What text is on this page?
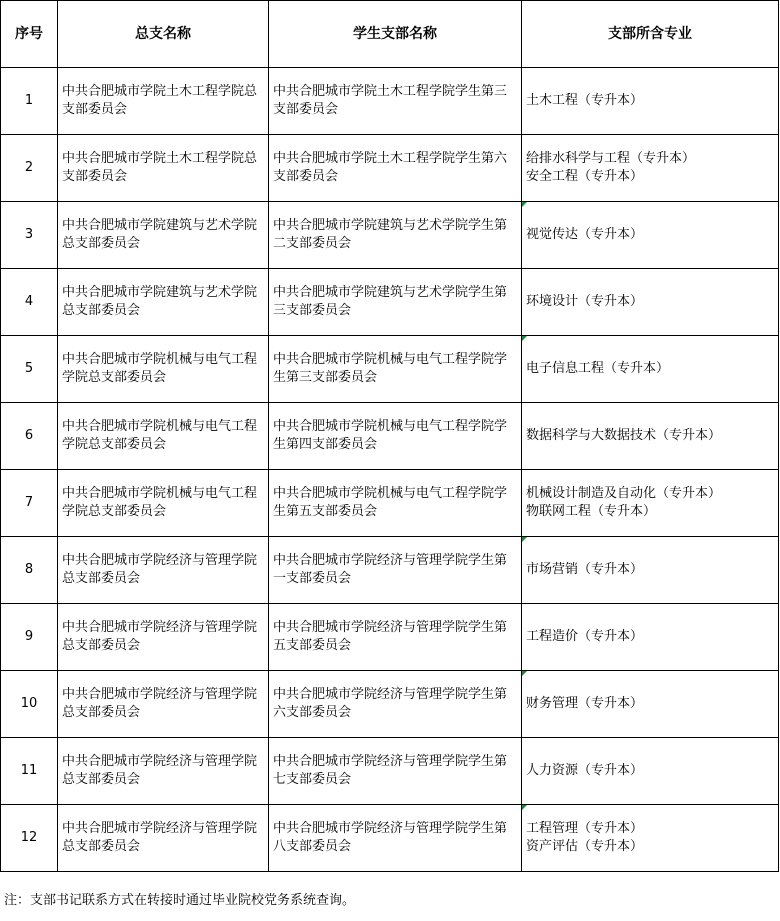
序号	总支名称	学生支部名称	支部所含专业
1	中共合肥城市学院土木工程学院总支部委员会	中共合肥城市学院土木工程学院学生第三支部委员会	土木工程（专升本）

2	中共合肥城市学院土木工程学院总支部委员会	中共合肥城市学院土木工程学院学生第六支部委员会	给排水科学与工程（专升本）
安全工程（专升本）

3	中共合肥城市学院建筑与艺术学院总支部委员会	中共合肥城市学院建筑与艺术学院学生第二支部委员会	视觉传达（专升本）

4	中共合肥城市学院建筑与艺术学院总支部委员会	中共合肥城市学院建筑与艺术学院学生第三支部委员会	环境设计（专升本）

5	中共合肥城市学院机械与电气工程学院总支部委员会	中共合肥城市学院机械与电气工程学院学生第三支部委员会	电子信息工程（专升本）

6	中共合肥城市学院机械与电气工程学院总支部委员会	中共合肥城市学院机械与电气工程学院学生第四支部委员会	数据科学与大数据技术（专升本）

7	中共合肥城市学院机械与电气工程学院总支部委员会	中共合肥城市学院机械与电气工程学院学生第五支部委员会	机械设计制造及自动化（专升本）
物联网工程（专升本）

8	中共合肥城市学院经济与管理学院总支部委员会	中共合肥城市学院经济与管理学院学生第一支部委员会	市场营销（专升本）

9	中共合肥城市学院经济与管理学院总支部委员会	中共合肥城市学院经济与管理学院学生第五支部委员会	工程造价（专升本）

10	中共合肥城市学院经济与管理学院总支部委员会	中共合肥城市学院经济与管理学院学生第六支部委员会	财务管理（专升本）

11	中共合肥城市学院经济与管理学院总支部委员会	中共合肥城市学院经济与管理学院学生第七支部委员会	人力资源（专升本）

12	中共合肥城市学院经济与管理学院总支部委员会	中共合肥城市学院经济与管理学院学生第八支部委员会	工程管理（专升本）
资产评估（专升本）
注：支部书记联系方式在转接时通过毕业院校党务系统查询。
